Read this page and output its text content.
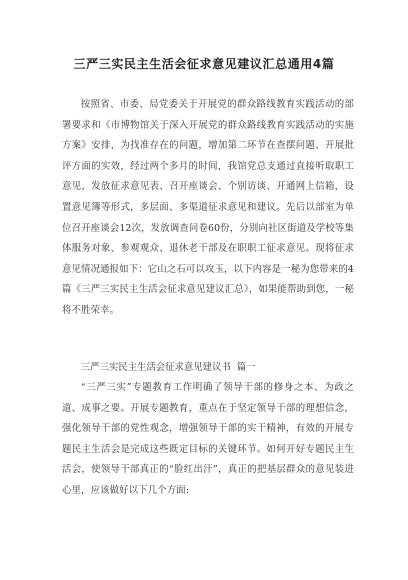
三严三实民主生活会征求意见建议汇总通用4篇
按照省、市委、局党委关于开展党的群众路线教育实践活动的部署要求和《市博物馆关于深入开展党的群众路线教育实践活动的实施方案》安排，为找准存在的问题，增加第二环节在查摆问题、开展批评方面的实效，经过两个多月的时间，我馆党总支通过直接听取职工意见，发放征求意见表、召开座谈会、个别访谈、开通网上信箱，设置意见簿等形式，多层面、多渠道征求意见和建议。先后以部室为单位召开座谈会12次，发放调查问卷60份，分别向社区街道及学校等集体服务对象、参观观众、退休老干部及在职职工征求意见。现将征求意见情况通报如下：它山之石可以攻玉，以下内容是一秘为您带来的4篇《三严三实民主生活会征求意见建议汇总》，如果能帮助到您，一秘将不胜荣幸。
三严三实民主生活会征求意见建议书  篇一
“三严三实”专题教育工作明确了领导干部的修身之本、为政之道、成事之要。开展专题教育，重点在于坚定领导干部的理想信念，强化领导干部的党性观念，增强领导干部的实干精神，有效的开展专题民主生活会是完成这些既定目标的关键环节。如何开好专题民主生活会，使领导干部真正的“脸红出汗”，真正的把基层群众的意见装进心里，应该做好以下几个方面:
